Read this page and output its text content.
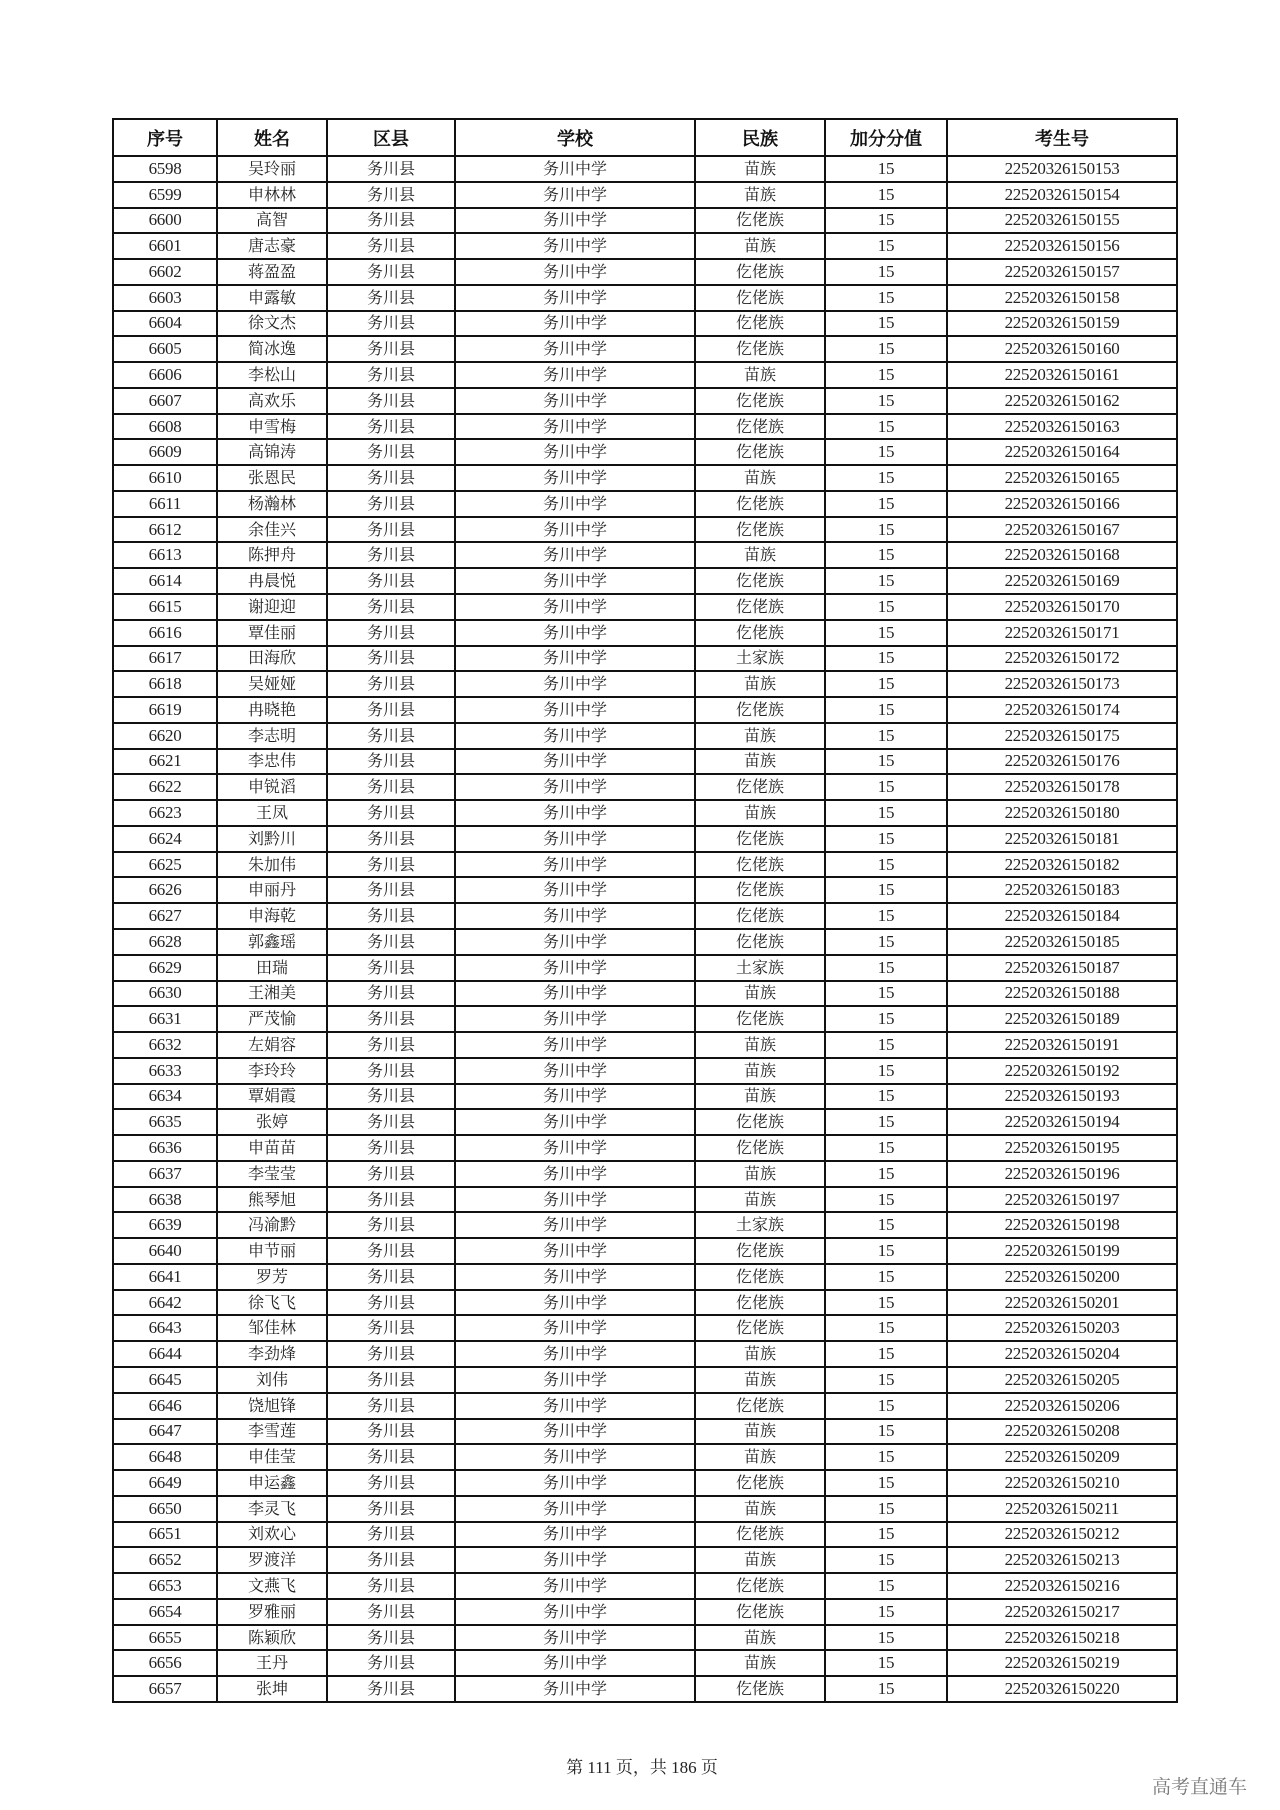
序号	姓名	区县	学校	民族	加分分值	考生号
6598	吴玲丽	务川县	务川中学	苗族	15	22520326150153
6599	申林林	务川县	务川中学	苗族	15	22520326150154
6600	高智	务川县	务川中学	仡佬族	15	22520326150155
6601	唐志豪	务川县	务川中学	苗族	15	22520326150156
6602	蒋盈盈	务川县	务川中学	仡佬族	15	22520326150157
6603	申露敏	务川县	务川中学	仡佬族	15	22520326150158
6604	徐文杰	务川县	务川中学	仡佬族	15	22520326150159
6605	简冰逸	务川县	务川中学	仡佬族	15	22520326150160
6606	李松山	务川县	务川中学	苗族	15	22520326150161
6607	高欢乐	务川县	务川中学	仡佬族	15	22520326150162
6608	申雪梅	务川县	务川中学	仡佬族	15	22520326150163
6609	高锦涛	务川县	务川中学	仡佬族	15	22520326150164
6610	张恩民	务川县	务川中学	苗族	15	22520326150165
6611	杨瀚林	务川县	务川中学	仡佬族	15	22520326150166
6612	余佳兴	务川县	务川中学	仡佬族	15	22520326150167
6613	陈押舟	务川县	务川中学	苗族	15	22520326150168
6614	冉晨悦	务川县	务川中学	仡佬族	15	22520326150169
6615	谢迎迎	务川县	务川中学	仡佬族	15	22520326150170
6616	覃佳丽	务川县	务川中学	仡佬族	15	22520326150171
6617	田海欣	务川县	务川中学	土家族	15	22520326150172
6618	吴娅娅	务川县	务川中学	苗族	15	22520326150173
6619	冉晓艳	务川县	务川中学	仡佬族	15	22520326150174
6620	李志明	务川县	务川中学	苗族	15	22520326150175
6621	李忠伟	务川县	务川中学	苗族	15	22520326150176
6622	申锐滔	务川县	务川中学	仡佬族	15	22520326150178
6623	王凤	务川县	务川中学	苗族	15	22520326150180
6624	刘黔川	务川县	务川中学	仡佬族	15	22520326150181
6625	朱加伟	务川县	务川中学	仡佬族	15	22520326150182
6626	申丽丹	务川县	务川中学	仡佬族	15	22520326150183
6627	申海乾	务川县	务川中学	仡佬族	15	22520326150184
6628	郭鑫瑶	务川县	务川中学	仡佬族	15	22520326150185
6629	田瑞	务川县	务川中学	土家族	15	22520326150187
6630	王湘美	务川县	务川中学	苗族	15	22520326150188
6631	严茂愉	务川县	务川中学	仡佬族	15	22520326150189
6632	左娟容	务川县	务川中学	苗族	15	22520326150191
6633	李玲玲	务川县	务川中学	苗族	15	22520326150192
6634	覃娟霞	务川县	务川中学	苗族	15	22520326150193
6635	张婷	务川县	务川中学	仡佬族	15	22520326150194
6636	申苗苗	务川县	务川中学	仡佬族	15	22520326150195
6637	李莹莹	务川县	务川中学	苗族	15	22520326150196
6638	熊琴旭	务川县	务川中学	苗族	15	22520326150197
6639	冯渝黔	务川县	务川中学	土家族	15	22520326150198
6640	申节丽	务川县	务川中学	仡佬族	15	22520326150199
6641	罗芳	务川县	务川中学	仡佬族	15	22520326150200
6642	徐飞飞	务川县	务川中学	仡佬族	15	22520326150201
6643	邹佳林	务川县	务川中学	仡佬族	15	22520326150203
6644	李劲烽	务川县	务川中学	苗族	15	22520326150204
6645	刘伟	务川县	务川中学	苗族	15	22520326150205
6646	饶旭锋	务川县	务川中学	仡佬族	15	22520326150206
6647	李雪莲	务川县	务川中学	苗族	15	22520326150208
6648	申佳莹	务川县	务川中学	苗族	15	22520326150209
6649	申运鑫	务川县	务川中学	仡佬族	15	22520326150210
6650	李灵飞	务川县	务川中学	苗族	15	22520326150211
6651	刘欢心	务川县	务川中学	仡佬族	15	22520326150212
6652	罗渡洋	务川县	务川中学	苗族	15	22520326150213
6653	文燕飞	务川县	务川中学	仡佬族	15	22520326150216
6654	罗雅丽	务川县	务川中学	仡佬族	15	22520326150217
6655	陈颖欣	务川县	务川中学	苗族	15	22520326150218
6656	王丹	务川县	务川中学	苗族	15	22520326150219
6657	张坤	务川县	务川中学	仡佬族	15	22520326150220
第 111 页，共 186 页
高考直通车
